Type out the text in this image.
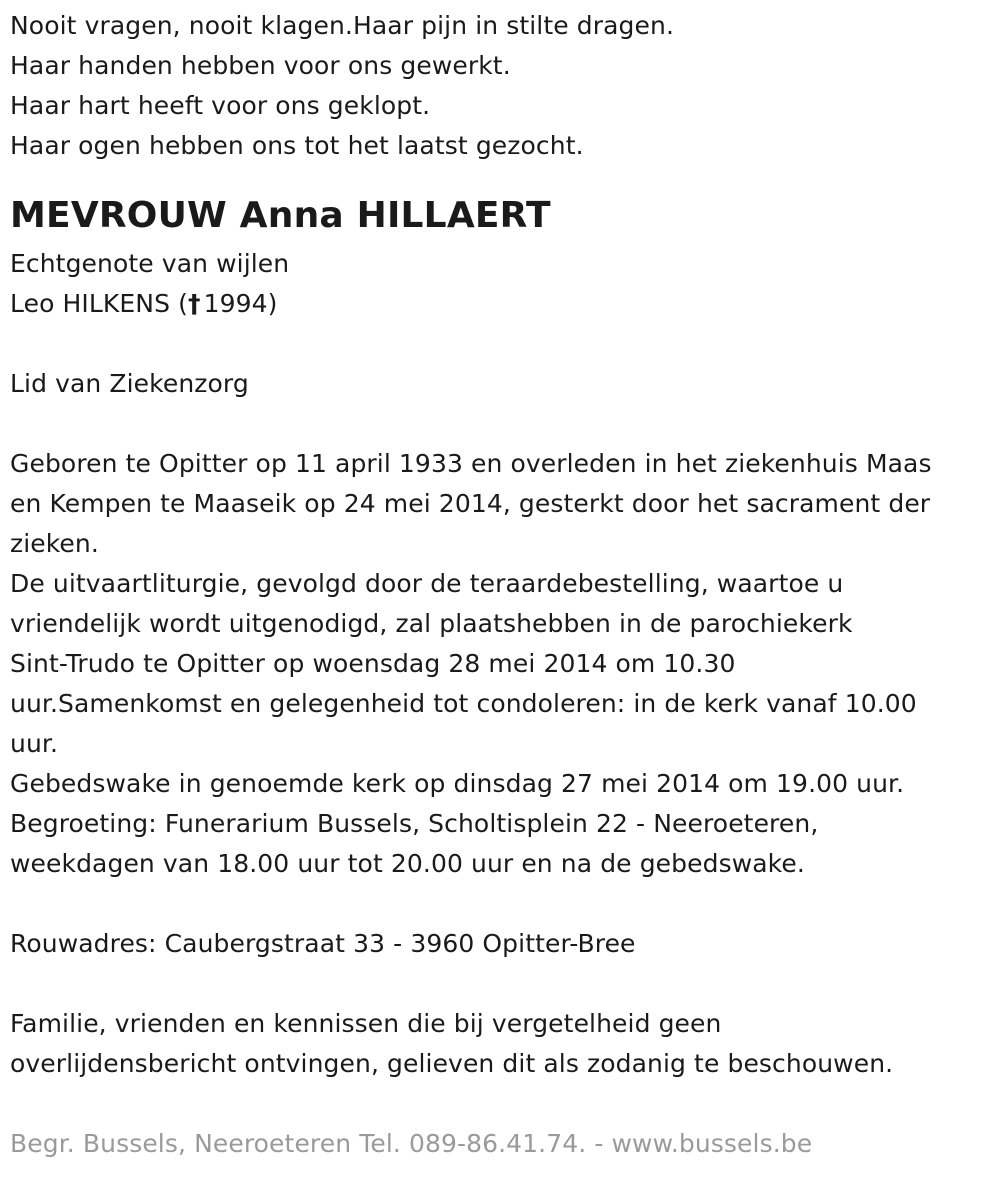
Nooit vragen, nooit klagen.Haar pijn in stilte dragen.
Haar handen hebben voor ons gewerkt.
Haar hart heeft voor ons geklopt.
Haar ogen hebben ons tot het laatst gezocht.
MEVROUW Anna HILLAERT
Echtgenote van wijlen
Leo HILKENS († 1994)
Lid van Ziekenzorg
Geboren te Opitter op 11 april 1933 en overleden in het ziekenhuis Maas
en Kempen te Maaseik op 24 mei 2014, gesterkt door het sacrament der
zieken.
De uitvaartliturgie, gevolgd door de teraardebestelling, waartoe u
vriendelijk wordt uitgenodigd, zal plaatshebben in de parochiekerk
Sint-Trudo te Opitter op woensdag 28 mei 2014 om 10.30
uur.Samenkomst en gelegenheid tot condoleren: in de kerk vanaf 10.00
uur.
Gebedswake in genoemde kerk op dinsdag 27 mei 2014 om 19.00 uur.
Begroeting: Funerarium Bussels, Scholtisplein 22 - Neeroeteren,
weekdagen van 18.00 uur tot 20.00 uur en na de gebedswake.
Rouwadres: Caubergstraat 33 - 3960 Opitter-Bree
Familie, vrienden en kennissen die bij vergetelheid geen
overlijdensbericht ontvingen, gelieven dit als zodanig te beschouwen.
Begr. Bussels, Neeroeteren Tel. 089-86.41.74. - www.bussels.be
